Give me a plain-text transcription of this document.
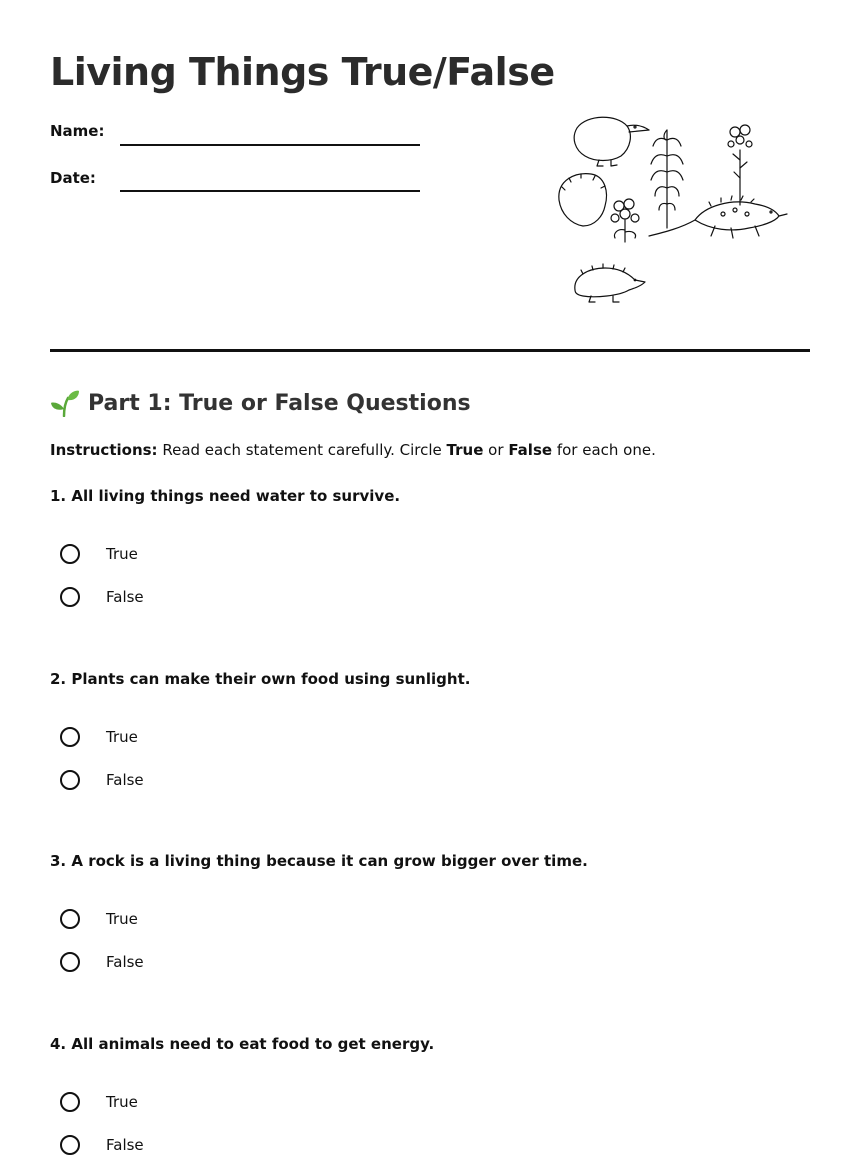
Living Things True/False
Name:
Date:
Part 1: True or False Questions

Instructions: Read each statement carefully. Circle True or False for each one.

1. All living things need water to survive.

True
False

2. Plants can make their own food using sunlight.

True
False

3. A rock is a living thing because it can grow bigger over time.

True
False

4. All animals need to eat food to get energy.

True
False
